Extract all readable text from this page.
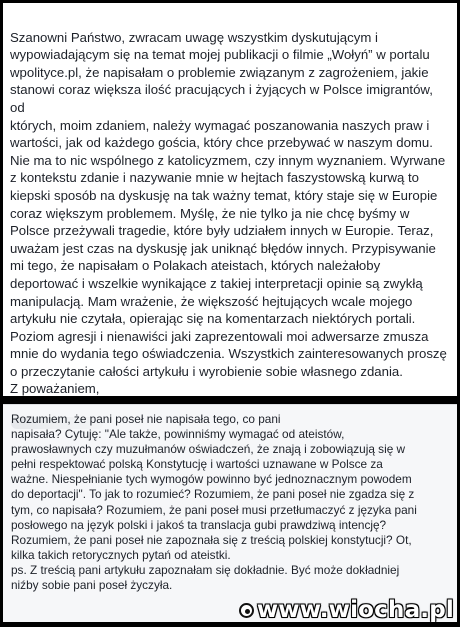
Szanowni Państwo, zwracam uwagę wszystkim dyskutującym i
wypowiadającym się na temat mojej publikacji o filmie „Wołyń” w portalu
wpolityce.pl, że napisałam o problemie związanym z zagrożeniem, jakie
stanowi coraz większa ilość pracujących i żyjących w Polsce imigrantów, od
których, moim zdaniem, należy wymagać poszanowania naszych praw i
wartości, jak od każdego gościa, który chce przebywać w naszym domu.
Nie ma to nic wspólnego z katolicyzmem, czy innym wyznaniem. Wyrwane
z kontekstu zdanie i nazywanie mnie w hejtach faszystowską kurwą to
kiepski sposób na dyskusję na tak ważny temat, który staje się w Europie
coraz większym problemem. Myślę, że nie tylko ja nie chcę byśmy w
Polsce przeżywali tragedie, które były udziałem innych w Europie. Teraz,
uważam jest czas na dyskusję jak uniknąć błędów innych. Przypisywanie
mi tego, że napisałam o Polakach ateistach, których należałoby
deportować i wszelkie wynikające z takiej interpretacji opinie są zwykłą
manipulacją. Mam wrażenie, że większość hejtujących wcale mojego
artykułu nie czytała, opierając się na komentarzach niektórych portali.
Poziom agresji i nienawiści jaki zaprezentowali moi adwersarze zmusza
mnie do wydania tego oświadczenia. Wszystkich zainteresowanych proszę
o przeczytanie całości artykułu i wyrobienie sobie własnego zdania.
Z poważaniem,

Rozumiem, że pani poseł nie napisała tego, co pani
napisała? Cytuję: "Ale także, powinniśmy wymagać od ateistów,
prawosławnych czy muzułmanów oświadczeń, że znają i zobowiązują się w
pełni respektować polską Konstytucję i wartości uznawane w Polsce za
ważne. Niespełnianie tych wymogów powinno być jednoznacznym powodem
do deportacji". To jak to rozumieć? Rozumiem, że pani poseł nie zgadza się z
tym, co napisała? Rozumiem, że pani poseł musi przetłumaczyć z języka pani
posłowego na język polski i jakoś ta translacja gubi prawdziwą intencję?
Rozumiem, że pani poseł nie zapoznała się z treścią polskiej konstytucji? Ot,
kilka takich retorycznych pytań od ateistki.
ps. Z treścią pani artykułu zapoznałam się dokładnie. Być może dokładniej
niźby sobie pani poseł życzyła.
www.wiocha.pl
